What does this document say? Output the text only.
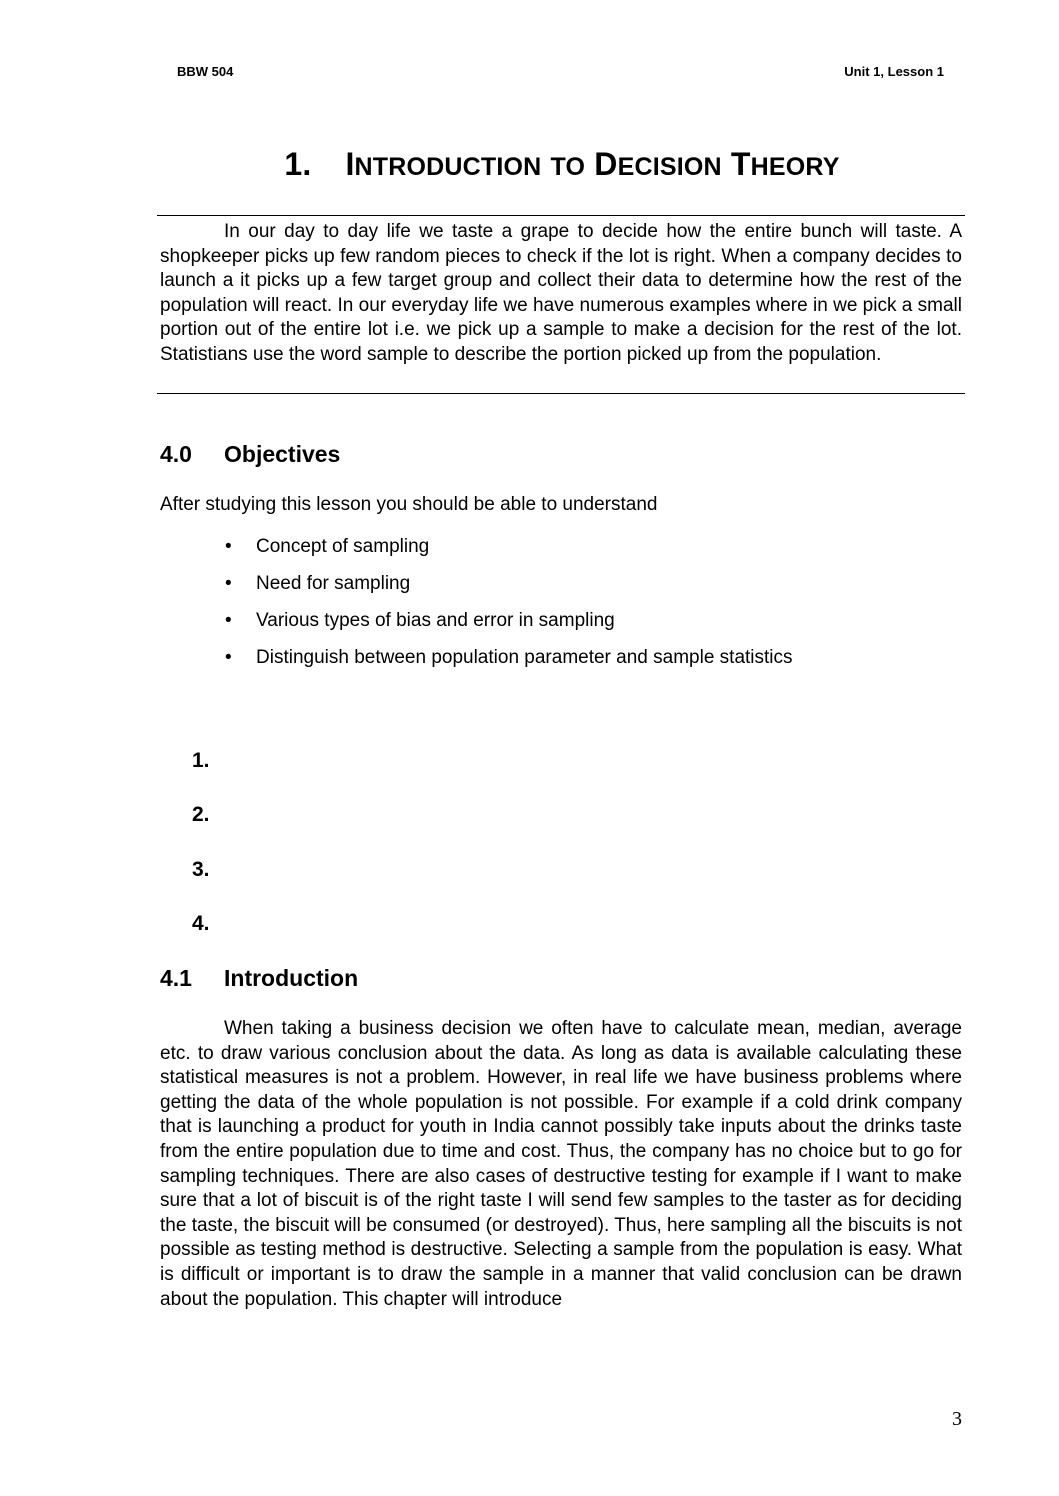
BBW 504	Unit 1, Lesson 1
1. INTRODUCTION TO DECISION THEORY

In our day to day life we taste a grape to decide how the entire bunch will taste. A shopkeeper picks up few random pieces to check if the lot is right. When a company decides to launch a it picks up a few target group and collect their data to determine how the rest of the population will react. In our everyday life we have numerous examples where in we pick a small portion out of the entire lot i.e. we pick up a sample to make a decision for the rest of the lot. Statistians use the word sample to describe the portion picked up from the population.

4.0 Objectives
After studying this lesson you should be able to understand
• Concept of sampling
• Need for sampling
• Various types of bias and error in sampling
• Distinguish between population parameter and sample statistics
1.
2.
3.
4.
4.1 Introduction

When taking a business decision we often have to calculate mean, median, average etc. to draw various conclusion about the data. As long as data is available calculating these statistical measures is not a problem. However, in real life we have business problems where getting the data of the whole population is not possible. For example if a cold drink company that is launching a product for youth in India cannot possibly take inputs about the drinks taste from the entire population due to time and cost. Thus, the company has no choice but to go for sampling techniques. There are also cases of destructive testing for example if I want to make sure that a lot of biscuit is of the right taste I will send few samples to the taster as for deciding the taste, the biscuit will be consumed (or destroyed). Thus, here sampling all the biscuits is not possible as testing method is destructive. Selecting a sample from the population is easy. What is difficult or important is to draw the sample in a manner that valid conclusion can be drawn about the population. This chapter will introduce

3
